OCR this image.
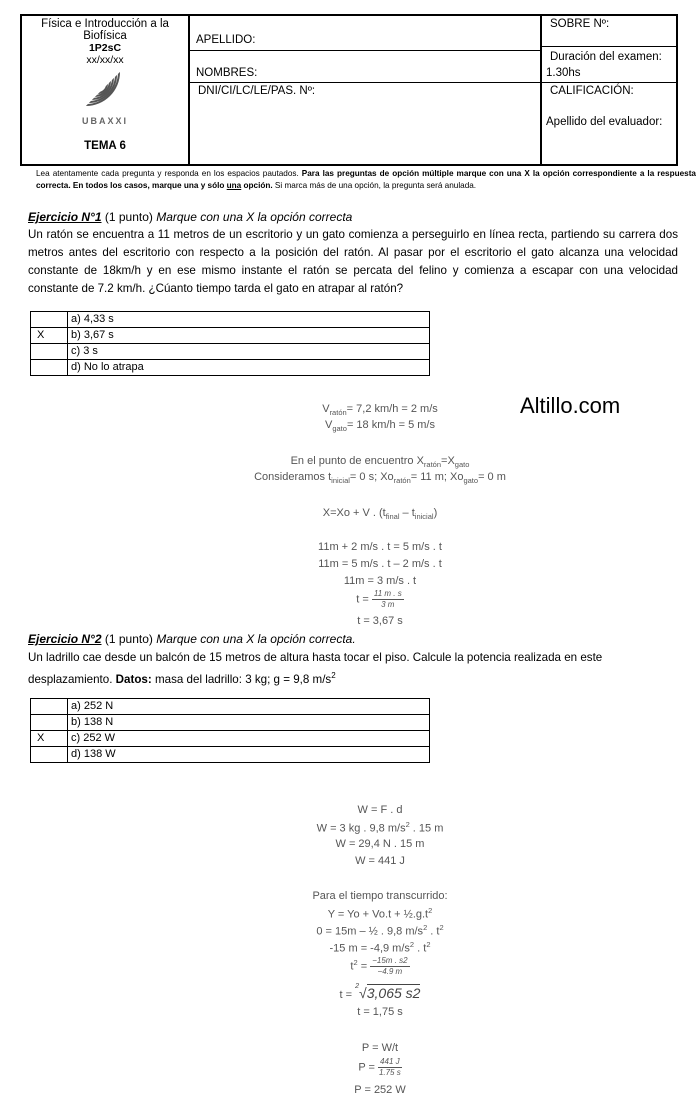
Física e Introducción a la
Biofísica
1P2sC
xx/xx/xx
UBAXXI
TEMA 6
APELLIDO:
NOMBRES:
DNI/CI/LC/LE/PAS. Nº:
SOBRE Nº:
Duración del examen:
1.30hs
CALIFICACIÓN:
Apellido del evaluador:
Lea atentamente cada pregunta y responda en los espacios pautados. Para las preguntas de opción múltiple marque con una X la opción correspondiente a la respuesta correcta. En todos los casos, marque una y sólo una opción. Si marca más de una opción, la pregunta será anulada.
Ejercicio N°1 (1 punto) Marque con una X la opción correcta
Un ratón se encuentra a 11 metros de un escritorio y un gato comienza a perseguirlo en línea recta, partiendo su carrera dos metros antes del escritorio con respecto a la posición del ratón. Al pasar por el escritorio el gato alcanza una velocidad constante de 18km/h y en ese mismo instante el ratón se percata del felino y comienza a escapar con una velocidad constante de 7.2 km/h. ¿Cúanto tiempo tarda el gato en atrapar al ratón?
	a) 4,33 s
X	b) 3,67 s
	c) 3 s
	d) No lo atrapa
Altillo.com
$V_{ratón}= 7,2$ km/h = 2 m/s
$V_{gato}= 18$ km/h = 5 m/s
En el punto de encuentro $X_{ratón}=X_{gato}$
Consideramos $t_{inicial}= 0$ s; $Xo_{ratón}= 11$ m; $Xo_{gato}= 0$ m
X=Xo + V . $(t_{final} - t_{inicial})$
11m + 2 m/s . t = 5 m/s . t
11m = 5 m/s . t – 2 m/s . t
11m = 3 m/s . t
$t = \frac{11 m . s}{3 m}$
t = 3,67 s
Ejercicio N°2 (1 punto) Marque con una X la opción correcta.
Un ladrillo cae desde un balcón de 15 metros de altura hasta tocar el piso. Calcule la potencia realizada en este desplazamiento. Datos: masa del ladrillo: 3 kg; g = 9,8 $m/s^2$
	a) 252 N
	b) 138 N
X	c) 252 W
	d) 138 W
W = F . d
W = 3 kg . 9,8 $m/s^2$ . 15 m
W = 29,4 N . 15 m
W = 441 J
Para el tiempo transcurrido:
$Y = Yo + Vo.t + \frac{1}{2}.g.t^2$
0 = 15m – ½ . 9,8 $m/s^2$ . $t^2$
-15 m = -4,9 $m/s^2$ . $t^2$
$t^2 = \frac{-15m . s2}{-4.9 m}$
t = $^2$√3,065 s2
t = 1,75 s
P = W/t
$P = \frac{441 J}{1.75 s}$
P = 252 W
